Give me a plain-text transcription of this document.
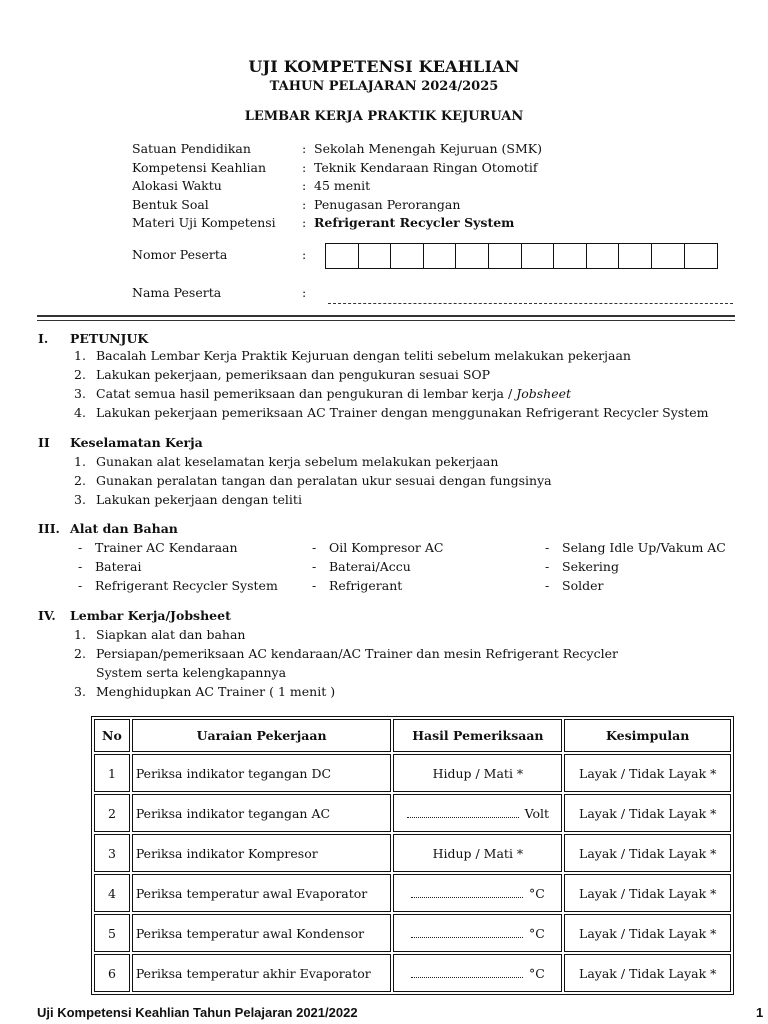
UJI KOMPETENSI KEAHLIAN
TAHUN PELAJARAN 2024/2025
LEMBAR KERJA PRAKTIK KEJURUAN
Satuan Pendidikan	: Sekolah Menengah Kejuruan (SMK)
Kompetensi Keahlian	: Teknik Kendaraan Ringan Otomotif
Alokasi Waktu	: 45 menit
Bentuk Soal	: Penugasan Perorangan
Materi Uji Kompetensi : Refrigerant Recycler System
Nomor Peserta	:
Nama Peserta	:
I. PETUNJUK
1. Bacalah Lembar Kerja Praktik Kejuruan dengan teliti sebelum melakukan pekerjaan
2. Lakukan pekerjaan, pemeriksaan dan pengukuran sesuai SOP
3. Catat semua hasil pemeriksaan dan pengukuran di lembar kerja / Jobsheet
4. Lakukan pekerjaan pemeriksaan AC Trainer dengan menggunakan Refrigerant Recycler System
II Keselamatan Kerja
1. Gunakan alat keselamatan kerja sebelum melakukan pekerjaan
2. Gunakan peralatan tangan dan peralatan ukur sesuai dengan fungsinya
3. Lakukan pekerjaan dengan teliti
III. Alat dan Bahan
- Trainer AC Kendaraan
- Baterai
- Refrigerant Recycler System
- Oil Kompresor AC
- Baterai/Accu
- Refrigerant
- Selang Idle Up/Vakum AC
- Sekering
- Solder
IV. Lembar Kerja/Jobsheet
1. Siapkan alat dan bahan
2. Persiapan/pemeriksaan AC kendaraan/AC Trainer dan mesin Refrigerant Recycler System serta kelengkapannya
3. Menghidupkan AC Trainer ( 1 menit )
No	Uaraian Pekerjaan	Hasil Pemeriksaan	Kesimpulan
1	Periksa indikator tegangan DC	Hidup / Mati *	Layak / Tidak Layak *
2	Periksa indikator tegangan AC	Volt	Layak / Tidak Layak *
3	Periksa indikator Kompresor	Hidup / Mati *	Layak / Tidak Layak *
4	Periksa temperatur awal Evaporator	°C	Layak / Tidak Layak *
5	Periksa temperatur awal Kondensor	°C	Layak / Tidak Layak *
6	Periksa temperatur akhir Evaporator	°C	Layak / Tidak Layak *
Uji Kompetensi Keahlian Tahun Pelajaran 2021/2022	1
